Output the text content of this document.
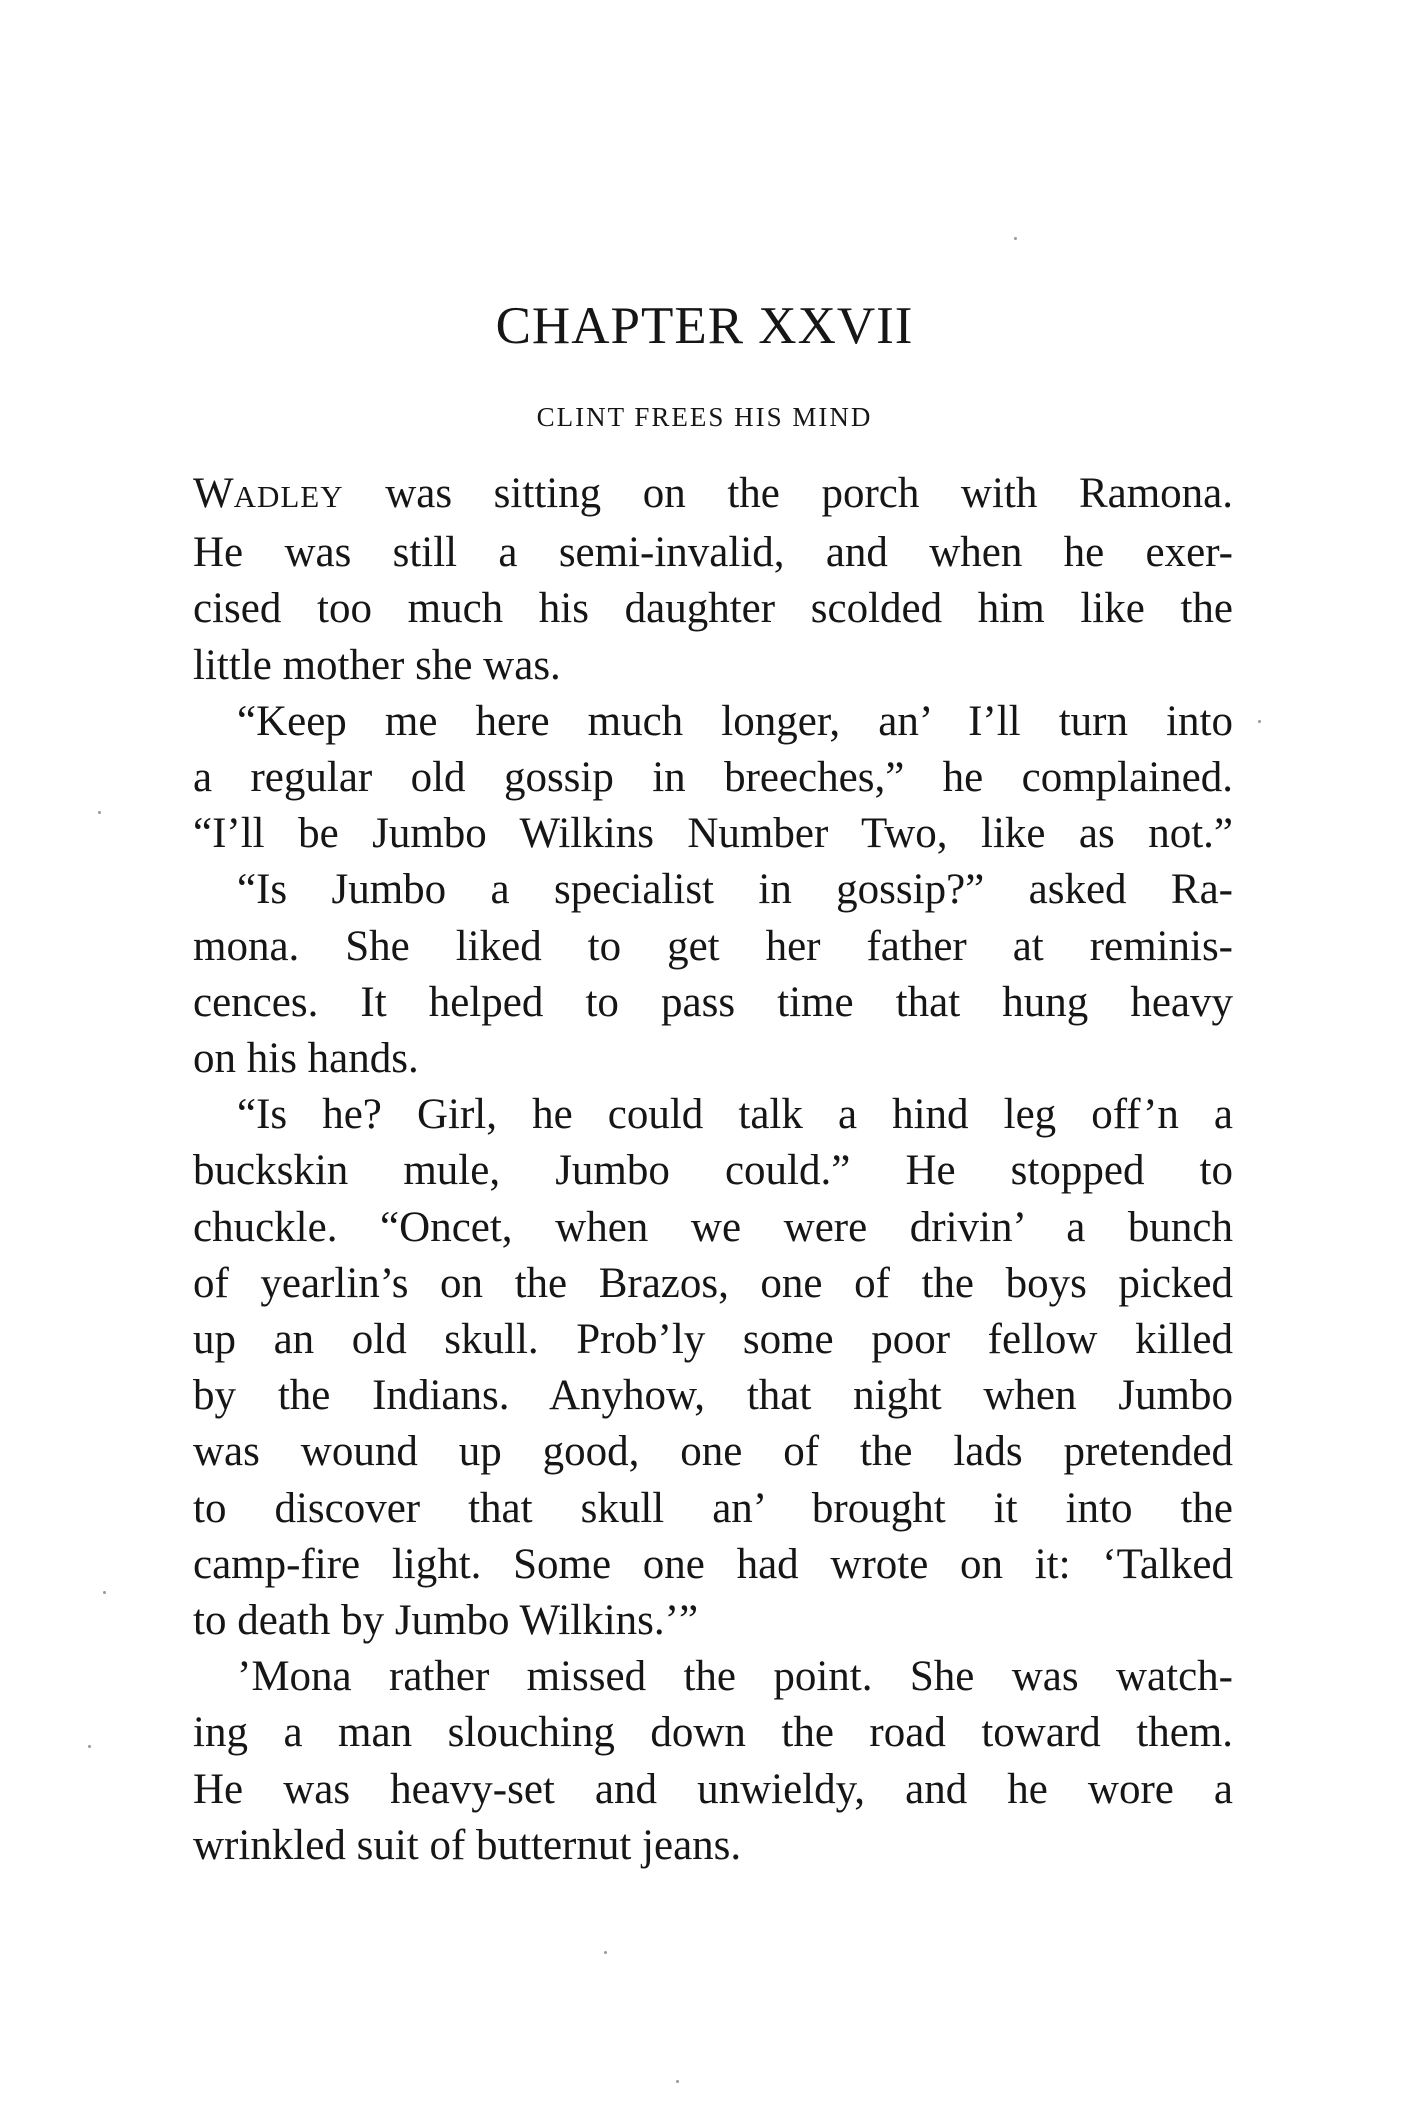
CHAPTER XXVII
CLINT FREES HIS MIND
WADLEY was sitting on the porch with Ramona.
He was still a semi-invalid, and when he exer-
cised too much his daughter scolded him like the
little mother she was.
“Keep me here much longer, an’ I’ll turn into
a regular old gossip in breeches,” he complained.
“I’ll be Jumbo Wilkins Number Two, like as not.”
“Is Jumbo a specialist in gossip?” asked Ra-
mona. She liked to get her father at reminis-
cences. It helped to pass time that hung heavy
on his hands.
“Is he? Girl, he could talk a hind leg off’n a
buckskin mule, Jumbo could.” He stopped to
chuckle. “Oncet, when we were drivin’ a bunch
of yearlin’s on the Brazos, one of the boys picked
up an old skull. Prob’ly some poor fellow killed
by the Indians. Anyhow, that night when Jumbo
was wound up good, one of the lads pretended
to discover that skull an’ brought it into the
camp-fire light. Some one had wrote on it: ‘Talked
to death by Jumbo Wilkins.’”
’Mona rather missed the point. She was watch-
ing a man slouching down the road toward them.
He was heavy-set and unwieldy, and he wore a
wrinkled suit of butternut jeans.
